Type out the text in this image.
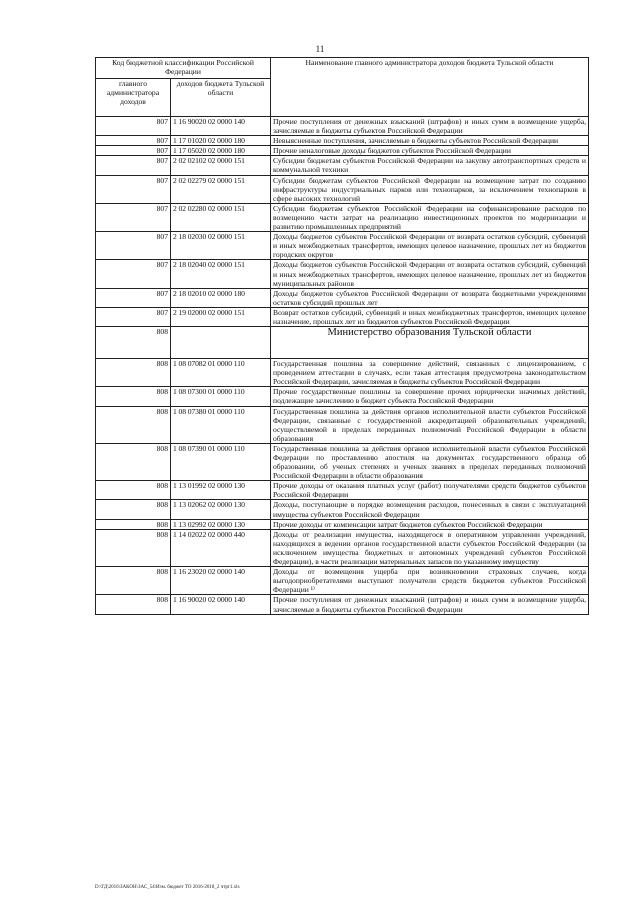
11
Код бюджетной классификации Российской Федерации		Наименование главного администратора доходов бюджета Тульской области
главного администратора доходов	доходов бюджета Тульской области	
807	1 16 90020 02 0000 140	Прочие поступления от денежных взысканий (штрафов) и иных сумм в возмещение ущерба, зачисляемые в бюджеты субъектов Российской Федерации
807	1 17 01020 02 0000 180	Невыясненные поступления, зачисляемые в бюджеты субъектов Российской Федерации
807	1 17 05020 02 0000 180	Прочие неналоговые доходы бюджетов субъектов Российской Федерации
807	2 02 02102 02 0000 151	Субсидии бюджетам субъектов Российской Федерации на закупку автотранспортных средств и коммунальной техники
807	2 02 02279 02 0000 151	Субсидии бюджетам субъектов Российской Федерации на возмещение затрат по созданию инфраструктуры индустриальных парков или технопарков, за исключением технопарков в сфере высоких технологий
807	2 02 02280 02 0000 151	Субсидии бюджетам субъектов Российской Федерации на софинансирование расходов по возмещению части затрат на реализацию инвестиционных проектов по модернизации и развитию промышленных предприятий
807	2 18 02030 02 0000 151	Доходы бюджетов субъектов Российской Федерации от возврата остатков субсидий, субвенций и иных межбюджетных трансфертов, имеющих целевое назначение, прошлых лет из бюджетов городских округов
807	2 18 02040 02 0000 151	Доходы бюджетов субъектов Российской Федерации от возврата остатков субсидий, субвенций и иных межбюджетных трансфертов, имеющих целевое назначение, прошлых лет из бюджетов муниципальных районов
807	2 18 02010 02 0000 180	Доходы бюджетов субъектов Российской Федерации от возврата бюджетными учреждениями остатков субсидий прошлых лет
807	2 19 02000 02 0000 151	Возврат остатков субсидий, субвенций и иных межбюджетных трансфертов, имеющих целевое назначение, прошлых лет из бюджетов субъектов Российской Федерации
808		Министерство образования Тульской области
808	1 08 07082 01 0000 110	Государственная пошлина за совершение действий, связанных с лицензированием, с проведением аттестации в случаях, если такая аттестация предусмотрена законодательством Российской Федерации, зачисляемая в бюджеты субъектов Российской Федерации
808	1 08 07300 01 0000 110	Прочие государственные пошлины за совершение прочих юридически значимых действий, подлежащие зачислению в бюджет субъекта Российской Федерации
808	1 08 07380 01 0000 110	Государственная пошлина за действия органов исполнительной власти субъектов Российской Федерации, связанные с государственной аккредитацией образовательных учреждений, осуществляемой в пределах переданных полномочий Российской Федерации в области образования
808	1 08 07390 01 0000 110	Государственная пошлина за действия органов исполнительной власти субъектов Российской Федерации по проставлению апостиля на документах государственного образца об образовании, об ученых степенях и ученых званиях в пределах переданных полномочий Российской Федерации в области образования
808	1 13 01992 02 0000 130	Прочие доходы от оказания платных услуг (работ) получателями средств бюджетов субъектов Российской Федерации
808	1 13 02062 02 0000 130	Доходы, поступающие в порядке возмещения расходов, понесенных в связи с эксплуатацией имущества субъектов Российской Федерации
808	1 13 02992 02 0000 130	Прочие доходы от компенсации затрат бюджетов субъектов Российской Федерации
808	1 14 02022 02 0000 440	Доходы от реализации имущества, находящегося в оперативном управлении учреждений, находящихся в ведении органов государственной власти субъектов Российской Федерации (за исключением имущества бюджетных и автономных учреждений субъектов Российской Федерации), в части реализации материальных запасов по указанному имуществу
808	1 16 23020 02 0000 140	Доходы от возмещения ущерба при возникновении страховых случаев, когда выгодоприобретателями выступают получатели средств бюджетов субъектов Российской Федерации ¹⁾
808	1 16 90020 02 0000 140	Прочие поступления от денежных взысканий (штрафов) и иных сумм в возмещение ущерба, зачисляемые в бюджеты субъектов Российской Федерации
D:\ГД\2016\ЗАКОН\ЗАС_54\Изм. бюджет ТО 2016-2018_2 чтрг1.xls
